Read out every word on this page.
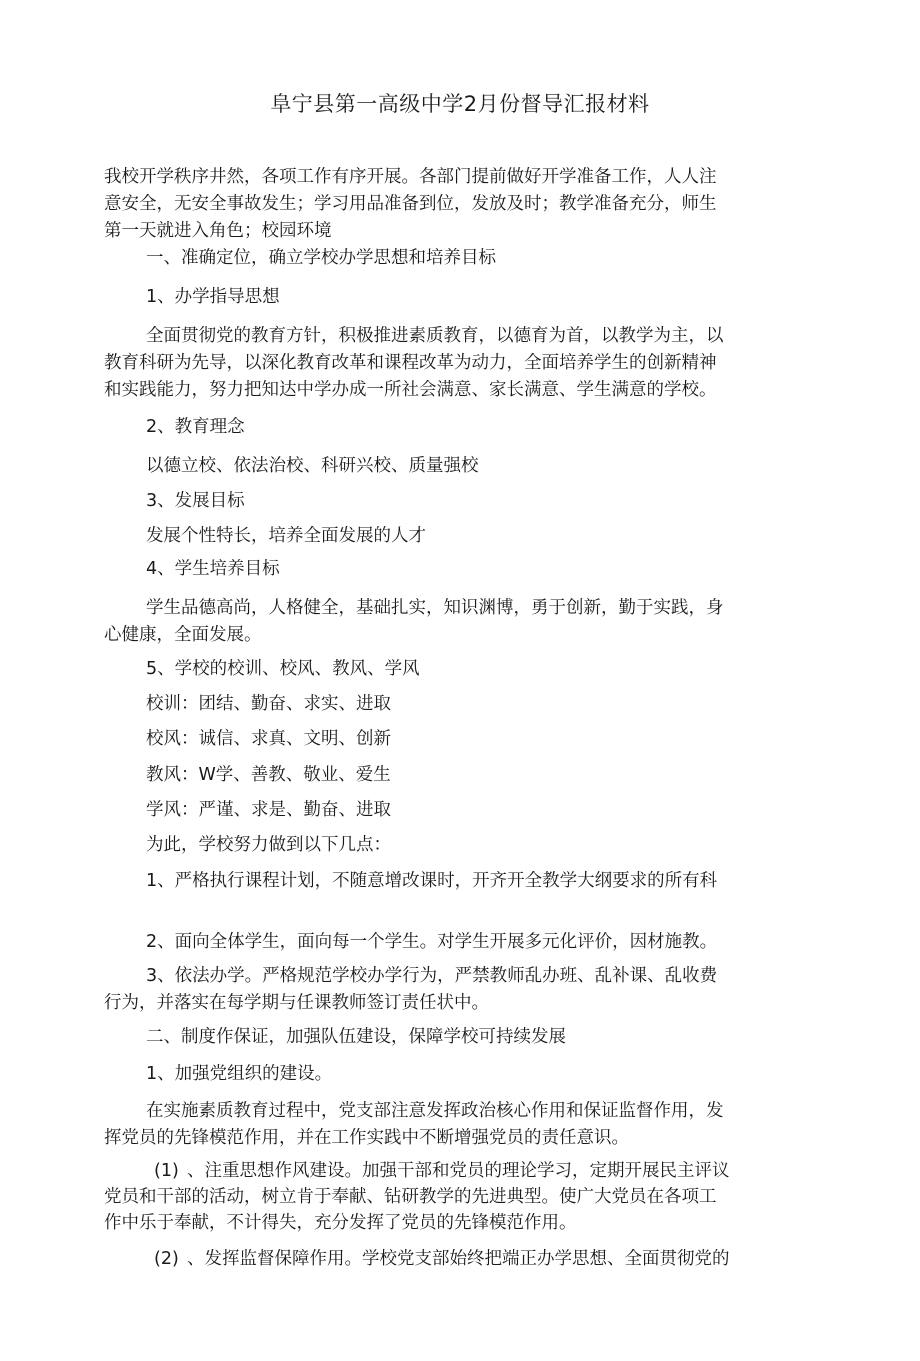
阜宁县第一高级中学2月份督导汇报材料
我校开学秩序井然，各项工作有序开展。各部门提前做好开学准备工作，人人注
意安全，无安全事故发生；学习用品准备到位，发放及时；教学准备充分，师生
第一天就进入角色；校园环境
一、准确定位，确立学校办学思想和培养目标
1、办学指导思想
全面贯彻党的教育方针，积极推进素质教育，以德育为首，以教学为主，以
教育科研为先导，以深化教育改革和课程改革为动力，全面培养学生的创新精神
和实践能力，努力把知达中学办成一所社会满意、家长满意、学生满意的学校。
2、教育理念
以德立校、依法治校、科研兴校、质量强校
3、发展目标
发展个性特长，培养全面发展的人才
4、学生培养目标
学生品德高尚，人格健全，基础扎实，知识渊博，勇于创新，勤于实践，身
心健康，全面发展。
5、学校的校训、校风、教风、学风
校训：团结、勤奋、求实、进取
校风：诚信、求真、文明、创新
教风：W学、善教、敬业、爱生
学风：严谨、求是、勤奋、进取
为此，学校努力做到以下几点：
1、严格执行课程计划，不随意增改课时，开齐开全教学大纲要求的所有科
2、面向全体学生，面向每一个学生。对学生开展多元化评价，因材施教。
3、依法办学。严格规范学校办学行为，严禁教师乱办班、乱补课、乱收费
行为，并落实在每学期与任课教师签订责任状中。
二、制度作保证，加强队伍建设，保障学校可持续发展
1、加强党组织的建设。
在实施素质教育过程中，党支部注意发挥政治核心作用和保证监督作用，发
挥党员的先锋模范作用，并在工作实践中不断增强党员的责任意识。
(1) 、注重思想作风建设。加强干部和党员的理论学习，定期开展民主评议
党员和干部的活动，树立肯于奉献、钻研教学的先进典型。使广大党员在各项工
作中乐于奉献，不计得失，充分发挥了党员的先锋模范作用。
(2) 、发挥监督保障作用。学校党支部始终把端正办学思想、全面贯彻党的
